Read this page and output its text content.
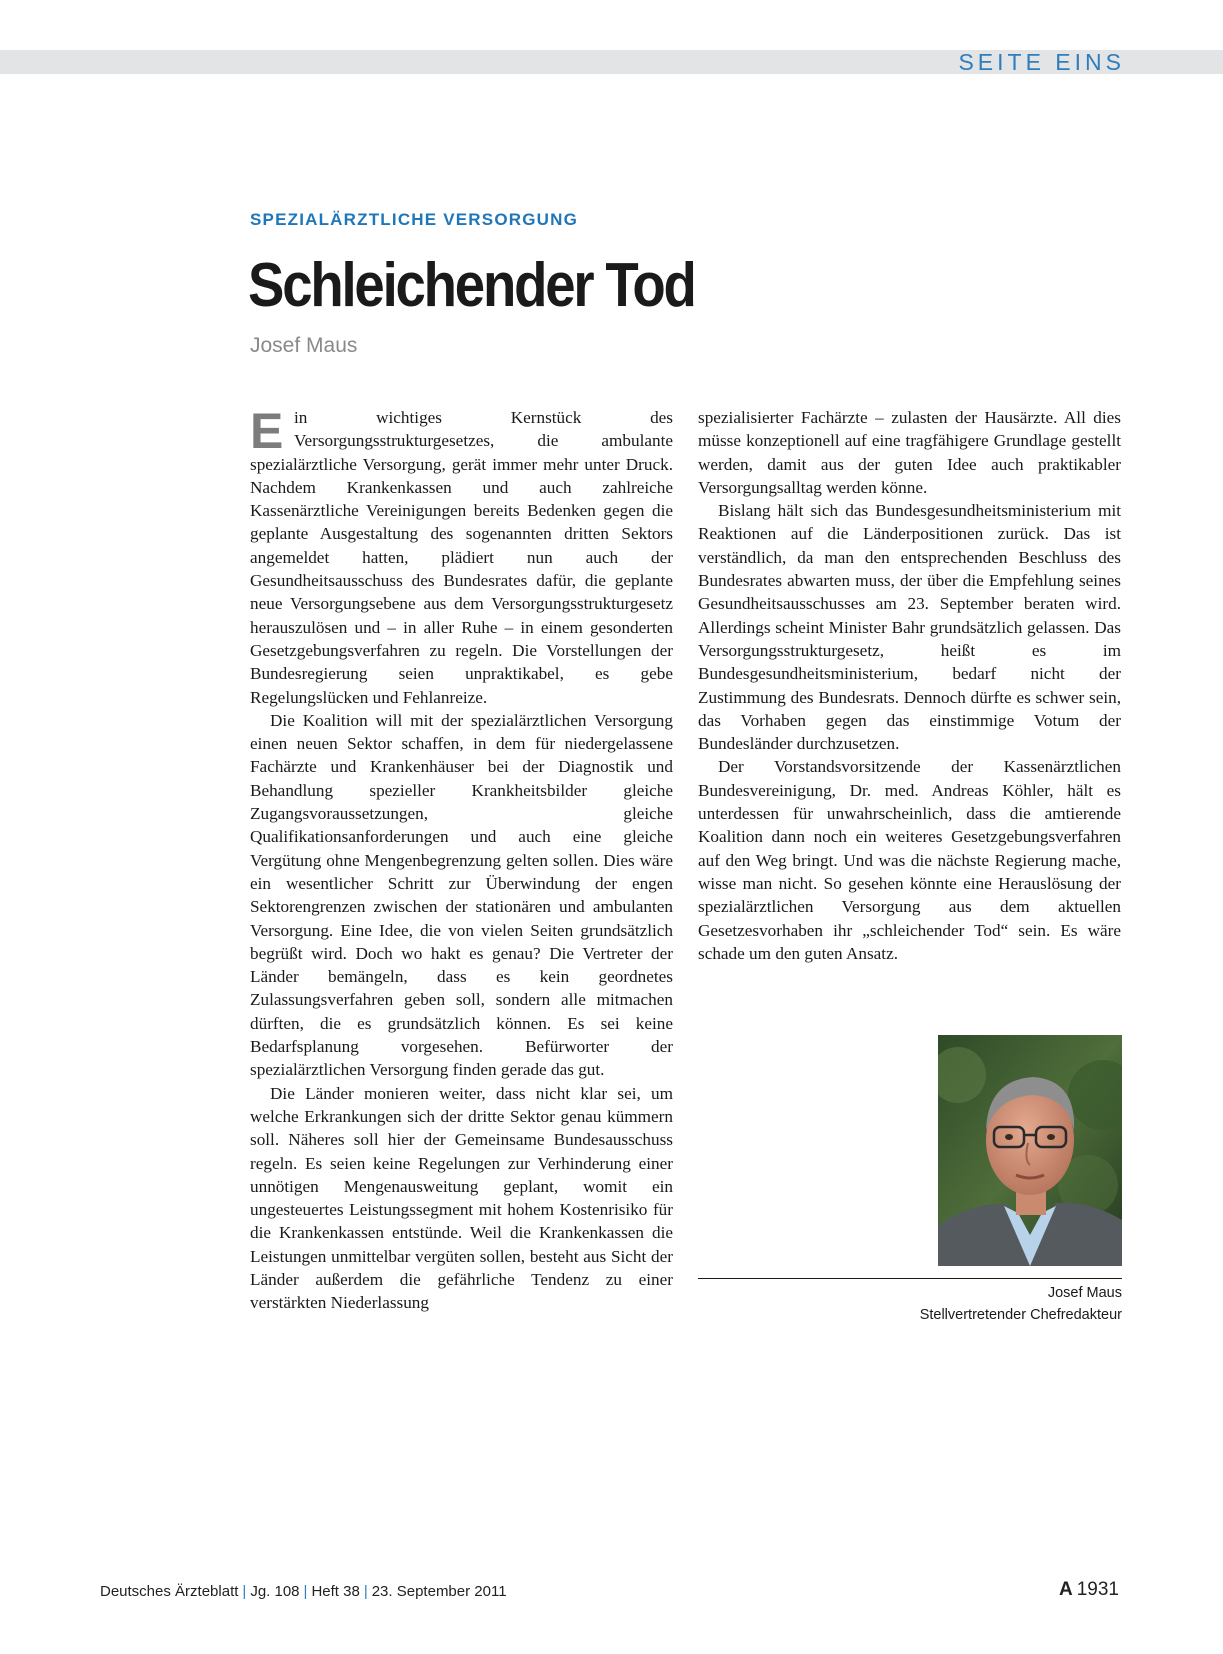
SEITE EINS
SPEZIALÄRZTLICHE VERSORGUNG
Schleichender Tod
Josef Maus

Ein wichtiges Kernstück des Versorgungsstrukturgesetzes, die ambulante spezialärztliche Versorgung, gerät immer mehr unter Druck. Nachdem Krankenkassen und auch zahlreiche Kassenärztliche Vereinigungen bereits Bedenken gegen die geplante Ausgestaltung des sogenannten dritten Sektors angemeldet hatten, plädiert nun auch der Gesundheitsausschuss des Bundesrates dafür, die geplante neue Versorgungsebene aus dem Versorgungsstrukturgesetz herauszulösen und – in aller Ruhe – in einem gesonderten Gesetzgebungsverfahren zu regeln. Die Vorstellungen der Bundesregierung seien unpraktikabel, es gebe Regelungslücken und Fehlanreize.

Die Koalition will mit der spezialärztlichen Versorgung einen neuen Sektor schaffen, in dem für niedergelassene Fachärzte und Krankenhäuser bei der Diagnostik und Behandlung spezieller Krankheitsbilder gleiche Zugangsvoraussetzungen, gleiche Qualifikationsanforderungen und auch eine gleiche Vergütung ohne Mengenbegrenzung gelten sollen. Dies wäre ein wesentlicher Schritt zur Überwindung der engen Sektorengrenzen zwischen der stationären und ambulanten Versorgung. Eine Idee, die von vielen Seiten grundsätzlich begrüßt wird. Doch wo hakt es genau? Die Vertreter der Länder bemängeln, dass es kein geordnetes Zulassungsverfahren geben soll, sondern alle mitmachen dürften, die es grundsätzlich können. Es sei keine Bedarfsplanung vorgesehen. Befürworter der spezialärztlichen Versorgung finden gerade das gut.

Die Länder monieren weiter, dass nicht klar sei, um welche Erkrankungen sich der dritte Sektor genau kümmern soll. Näheres soll hier der Gemeinsame Bundesausschuss regeln. Es seien keine Regelungen zur Verhinderung einer unnötigen Mengenausweitung geplant, womit ein ungesteuertes Leistungssegment mit hohem Kostenrisiko für die Krankenkassen entstünde. Weil die Krankenkassen die Leistungen unmittelbar vergüten sollen, besteht aus Sicht der Länder außerdem die gefährliche Tendenz zu einer verstärkten Niederlassung

spezialisierter Fachärzte – zulasten der Hausärzte. All dies müsse konzeptionell auf eine tragfähigere Grundlage gestellt werden, damit aus der guten Idee auch praktikabler Versorgungsalltag werden könne.

Bislang hält sich das Bundesgesundheitsministerium mit Reaktionen auf die Länderpositionen zurück. Das ist verständlich, da man den entsprechenden Beschluss des Bundesrates abwarten muss, der über die Empfehlung seines Gesundheitsausschusses am 23. September beraten wird. Allerdings scheint Minister Bahr grundsätzlich gelassen. Das Versorgungsstrukturgesetz, heißt es im Bundesgesundheitsministerium, bedarf nicht der Zustimmung des Bundesrats. Dennoch dürfte es schwer sein, das Vorhaben gegen das einstimmige Votum der Bundesländer durchzusetzen.

Der Vorstandsvorsitzende der Kassenärztlichen Bundesvereinigung, Dr. med. Andreas Köhler, hält es unterdessen für unwahrscheinlich, dass die amtierende Koalition dann noch ein weiteres Gesetzgebungsverfahren auf den Weg bringt. Und was die nächste Regierung mache, wisse man nicht. So gesehen könnte eine Herauslösung der spezialärztlichen Versorgung aus dem aktuellen Gesetzesvorhaben ihr „schleichender Tod“ sein. Es wäre schade um den guten Ansatz.

Josef Maus
Stellvertretender Chefredakteur
Deutsches Ärzteblatt | Jg. 108 | Heft 38 | 23. September 2011	A 1931
